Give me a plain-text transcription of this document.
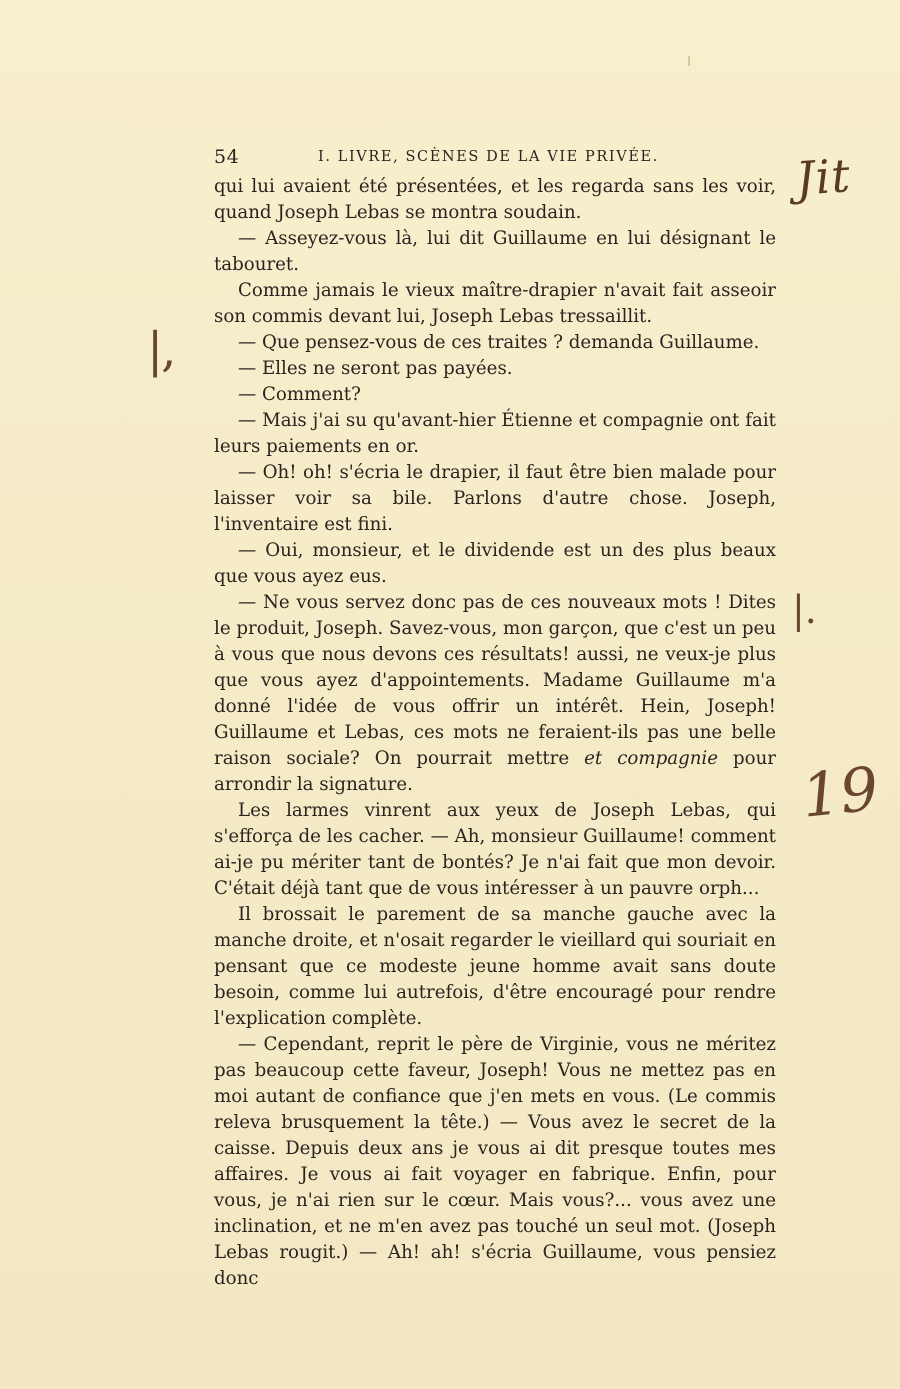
54	I. LIVRE, SCÈNES DE LA VIE PRIVÉE.

qui lui avaient été présentées, et les regarda sans les voir, quand Joseph Lebas se montra soudain.

— Asseyez-vous là, lui dit Guillaume en lui désignant le tabouret.

Comme jamais le vieux maître-drapier n'avait fait asseoir son commis devant lui, Joseph Lebas tressaillit.

— Que pensez-vous de ces traites ? demanda Guillaume.

— Elles ne seront pas payées.

— Comment?

— Mais j'ai su qu'avant-hier Étienne et compagnie ont fait leurs paiements en or.

— Oh! oh! s'écria le drapier, il faut être bien malade pour laisser voir sa bile. Parlons d'autre chose. Joseph, l'inventaire est fini.

— Oui, monsieur, et le dividende est un des plus beaux que vous ayez eus.

— Ne vous servez donc pas de ces nouveaux mots ! Dites le produit, Joseph. Savez-vous, mon garçon, que c'est un peu à vous que nous devons ces résultats! aussi, ne veux-je plus que vous ayez d'appointements. Madame Guillaume m'a donné l'idée de vous offrir un intérêt. Hein, Joseph! Guillaume et Lebas, ces mots ne feraient-ils pas une belle raison sociale? On pourrait mettre et compagnie pour arrondir la signature.

Les larmes vinrent aux yeux de Joseph Lebas, qui s'efforça de les cacher. — Ah, monsieur Guillaume! comment ai-je pu mériter tant de bontés? Je n'ai fait que mon devoir. C'était déjà tant que de vous intéresser à un pauvre orph...

Il brossait le parement de sa manche gauche avec la manche droite, et n'osait regarder le vieillard qui souriait en pensant que ce modeste jeune homme avait sans doute besoin, comme lui autrefois, d'être encouragé pour rendre l'explication complète.

— Cependant, reprit le père de Virginie, vous ne méritez pas beaucoup cette faveur, Joseph! Vous ne mettez pas en moi autant de confiance que j'en mets en vous. (Le commis releva brusquement la tête.) — Vous avez le secret de la caisse. Depuis deux ans je vous ai dit presque toutes mes affaires. Je vous ai fait voyager en fabrique. Enfin, pour vous, je n'ai rien sur le cœur. Mais vous?... vous avez une inclination, et ne m'en avez pas touché un seul mot. (Joseph Lebas rougit.) — Ah! ah! s'écria Guillaume, vous pensiez donc

Jit
|,
|.
19
